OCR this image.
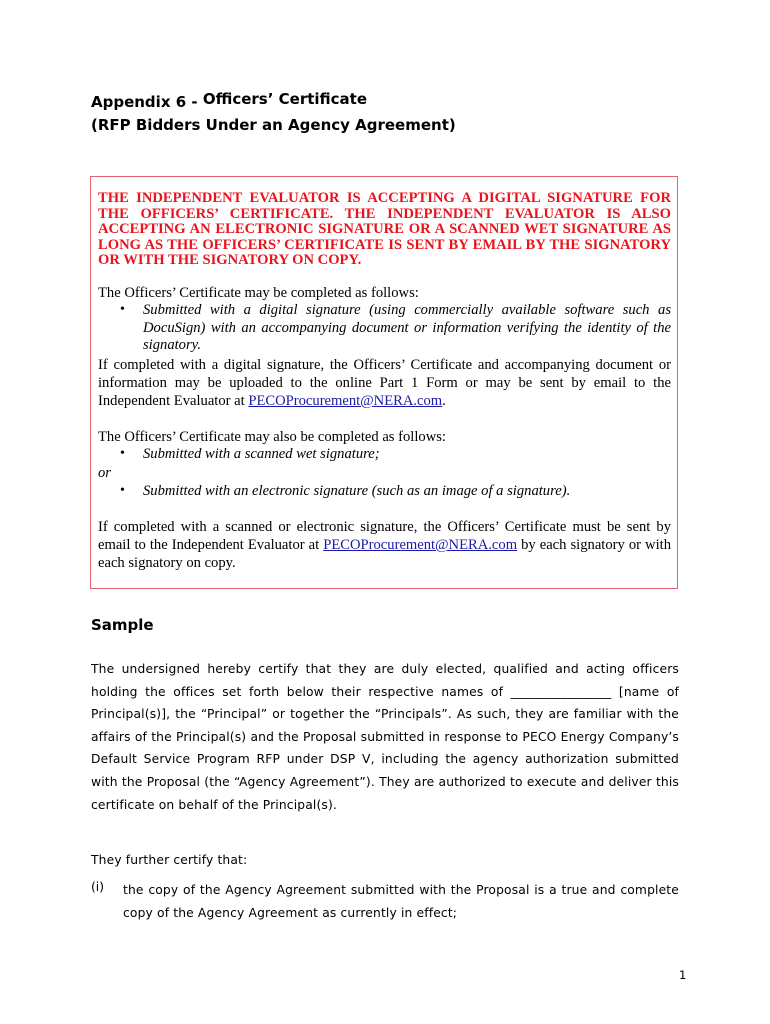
Appendix 6 - Officers’ Certificate
(RFP Bidders Under an Agency Agreement)
THE INDEPENDENT EVALUATOR IS ACCEPTING A DIGITAL SIGNATURE FOR THE OFFICERS’ CERTIFICATE. THE INDEPENDENT EVALUATOR IS ALSO ACCEPTING AN ELECTRONIC SIGNATURE OR A SCANNED WET SIGNATURE AS LONG AS THE OFFICERS’ CERTIFICATE IS SENT BY EMAIL BY THE SIGNATORY OR WITH THE SIGNATORY ON COPY.
The Officers’ Certificate may be completed as follows:
• Submitted with a digital signature (using commercially available software such as DocuSign) with an accompanying document or information verifying the identity of the signatory.
If completed with a digital signature, the Officers’ Certificate and accompanying document or information may be uploaded to the online Part 1 Form or may be sent by email to the Independent Evaluator at PECOProcurement@NERA.com.
The Officers’ Certificate may also be completed as follows:
• Submitted with a scanned wet signature;
or
• Submitted with an electronic signature (such as an image of a signature).
If completed with a scanned or electronic signature, the Officers’ Certificate must be sent by email to the Independent Evaluator at PECOProcurement@NERA.com by each signatory or with each signatory on copy.
Sample
The undersigned hereby certify that they are duly elected, qualified and acting officers holding the offices set forth below their respective names of ________________ [name of Principal(s)], the “Principal” or together the “Principals”. As such, they are familiar with the affairs of the Principal(s) and the Proposal submitted in response to PECO Energy Company’s Default Service Program RFP under DSP V, including the agency authorization submitted with the Proposal (the “Agency Agreement”). They are authorized to execute and deliver this certificate on behalf of the Principal(s).
They further certify that:
(i) the copy of the Agency Agreement submitted with the Proposal is a true and complete copy of the Agency Agreement as currently in effect;
1
